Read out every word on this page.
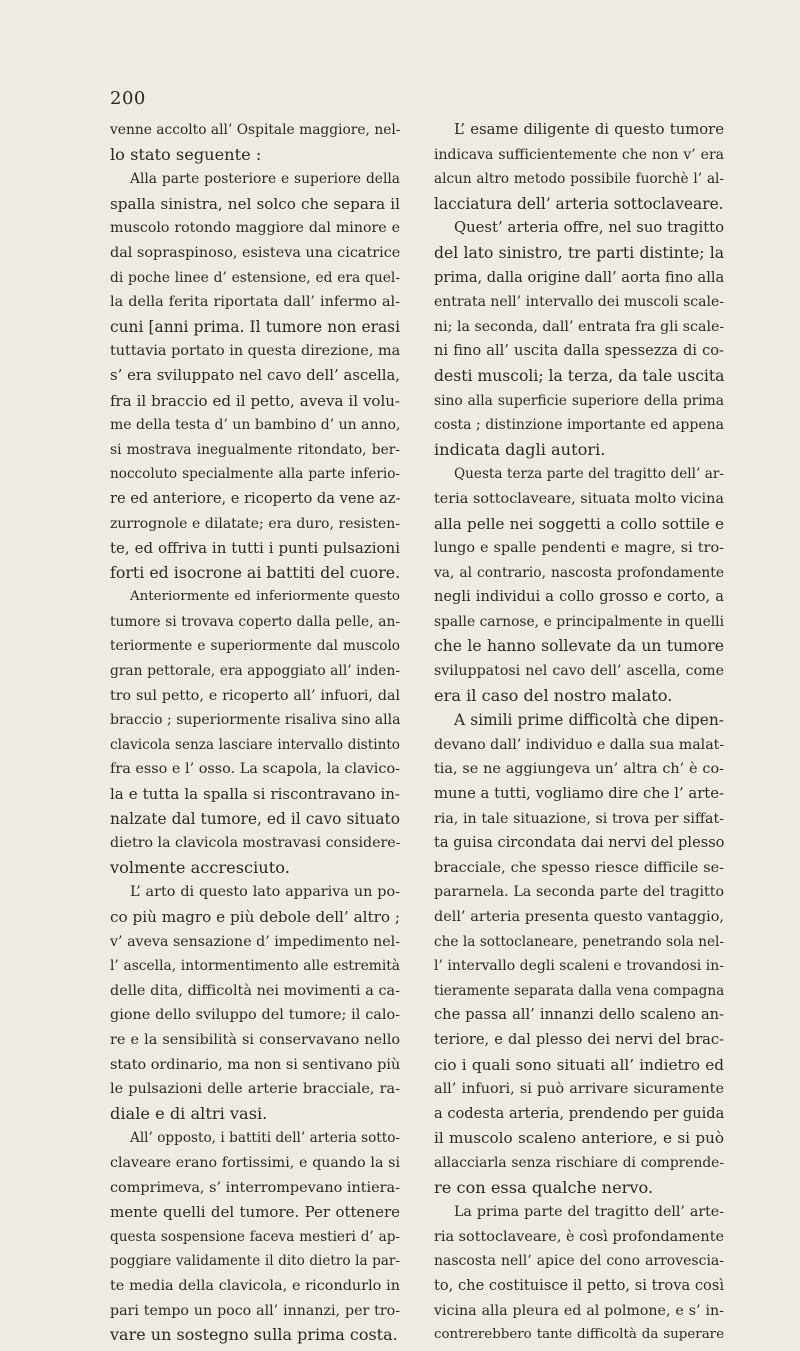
200
venne accolto all’ Ospitale maggiore, nel-
lo stato seguente :
Alla parte posteriore e superiore della
spalla sinistra, nel solco che separa il
muscolo rotondo maggiore dal minore e
dal sopraspinoso, esisteva una cicatrice
di poche linee d’ estensione, ed era quel-
la della ferita riportata dall’ infermo al-
cuni [anni prima. Il tumore non erasi
tuttavia portato in questa direzione, ma
s’ era sviluppato nel cavo dell’ ascella,
fra il braccio ed il petto, aveva il volu-
me della testa d’ un bambino d’ un anno,
si mostrava inegualmente ritondato, ber-
noccoluto specialmente alla parte inferio-
re ed anteriore, e ricoperto da vene az-
zurrognole e dilatate; era duro, resisten-
te, ed offriva in tutti i punti pulsazioni
forti ed isocrone ai battiti del cuore.
Anteriormente ed inferiormente questo
tumore si trovava coperto dalla pelle, an-
teriormente e superiormente dal muscolo
gran pettorale, era appoggiato all’ inden-
tro sul petto, e ricoperto all’ infuori, dal
braccio ; superiormente risaliva sino alla
clavicola senza lasciare intervallo distinto
fra esso e l’ osso. La scapola, la clavico-
la e tutta la spalla si riscontravano in-
nalzate dal tumore, ed il cavo situato
dietro la clavicola mostravasi considere-
volmente accresciuto.
L’ arto di questo lato appariva un po-
co più magro e più debole dell’ altro ;
v’ aveva sensazione d’ impedimento nel-
l’ ascella, intormentimento alle estremità
delle dita, difficoltà nei movimenti a ca-
gione dello sviluppo del tumore; il calo-
re e la sensibilità si conservavano nello
stato ordinario, ma non si sentivano più
le pulsazioni delle arterie bracciale, ra-
diale e di altri vasi.
All’ opposto, i battiti dell’ arteria sotto-
claveare erano fortissimi, e quando la si
comprimeva, s’ interrompevano intiera-
mente quelli del tumore. Per ottenere
questa sospensione faceva mestieri d’ ap-
poggiare validamente il dito dietro la par-
te media della clavicola, e ricondurlo in
pari tempo un poco all’ innanzi, per tro-
vare un sostegno sulla prima costa.
L’ esame diligente di questo tumore
indicava sufficientemente che non v’ era
alcun altro metodo possibile fuorchè l’ al-
lacciatura dell’ arteria sottoclaveare.
Quest’ arteria offre, nel suo tragitto
del lato sinistro, tre parti distinte; la
prima, dalla origine dall’ aorta fino alla
entrata nell’ intervallo dei muscoli scale-
ni; la seconda, dall’ entrata fra gli scale-
ni fino all’ uscita dalla spessezza di co-
desti muscoli; la terza, da tale uscita
sino alla superficie superiore della prima
costa ; distinzione importante ed appena
indicata dagli autori.
Questa terza parte del tragitto dell’ ar-
teria sottoclaveare, situata molto vicina
alla pelle nei soggetti a collo sottile e
lungo e spalle pendenti e magre, si tro-
va, al contrario, nascosta profondamente
negli individui a collo grosso e corto, a
spalle carnose, e principalmente in quelli
che le hanno sollevate da un tumore
sviluppatosi nel cavo dell’ ascella, come
era il caso del nostro malato.
A simili prime difficoltà che dipen-
devano dall’ individuo e dalla sua malat-
tia, se ne aggiungeva un’ altra ch’ è co-
mune a tutti, vogliamo dire che l’ arte-
ria, in tale situazione, si trova per siffat-
ta guisa circondata dai nervi del plesso
bracciale, che spesso riesce difficile se-
pararnela. La seconda parte del tragitto
dell’ arteria presenta questo vantaggio,
che la sottoclaneare, penetrando sola nel-
l’ intervallo degli scaleni e trovandosi in-
tieramente separata dalla vena compagna
che passa all’ innanzi dello scaleno an-
teriore, e dal plesso dei nervi del brac-
cio i quali sono situati all’ indietro ed
all’ infuori, si può arrivare sicuramente
a codesta arteria, prendendo per guida
il muscolo scaleno anteriore, e si può
allacciarla senza rischiare di comprende-
re con essa qualche nervo.
La prima parte del tragitto dell’ arte-
ria sottoclaveare, è così profondamente
nascosta nell’ apice del cono arrovescia-
to, che costituisce il petto, si trova così
vicina alla pleura ed al polmone, e s’ in-
contrerebbero tante difficoltà da superare
